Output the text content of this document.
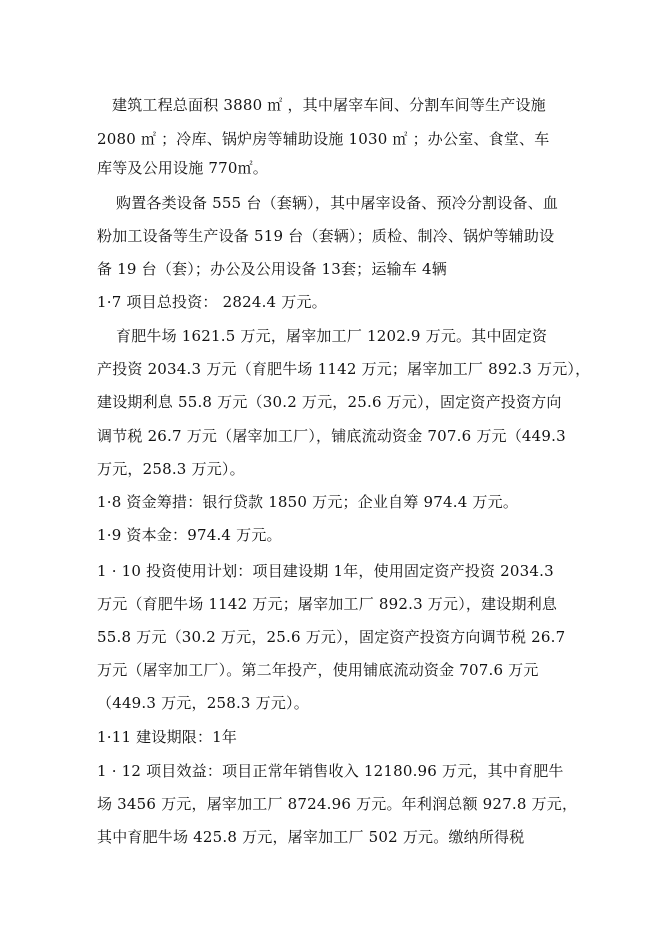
建筑工程总面积 3880 ㎡ ，其中屠宰车间、分割车间等生产设施
2080 ㎡ ；冷库、锅炉房等辅助设施 1030 ㎡ ；办公室、食堂、车
库等及公用设施 770㎡。
购置各类设备 555 台（套辆），其中屠宰设备、预冷分割设备、血
粉加工设备等生产设备 519 台（套辆）；质检、制冷、锅炉等辅助设
备 19 台（套）；办公及公用设备 13套；运输车 4辆
1·7 项目总投资： 2824.4 万元。
育肥牛场 1621.5 万元，屠宰加工厂 1202.9 万元。其中固定资
产投资 2034.3 万元（育肥牛场 1142 万元；屠宰加工厂 892.3 万元），
建设期利息 55.8 万元（30.2 万元，25.6 万元），固定资产投资方向
调节税 26.7 万元（屠宰加工厂），铺底流动资金 707.6 万元（449.3
万元，258.3 万元）。
1·8 资金筹措：银行贷款 1850 万元；企业自筹 974.4 万元。
1·9 资本金：974.4 万元。
1 · 10 投资使用计划：项目建设期 1年，使用固定资产投资 2034.3
万元（育肥牛场 1142 万元；屠宰加工厂 892.3 万元），建设期利息
55.8 万元（30.2 万元，25.6 万元），固定资产投资方向调节税 26.7
万元（屠宰加工厂）。第二年投产，使用铺底流动资金 707.6 万元
（449.3 万元，258.3 万元）。
1·11 建设期限：1年
1 · 12 项目效益：项目正常年销售收入 12180.96 万元，其中育肥牛
场 3456 万元，屠宰加工厂 8724.96 万元。年利润总额 927.8 万元，
其中育肥牛场 425.8 万元，屠宰加工厂 502 万元。缴纳所得税
